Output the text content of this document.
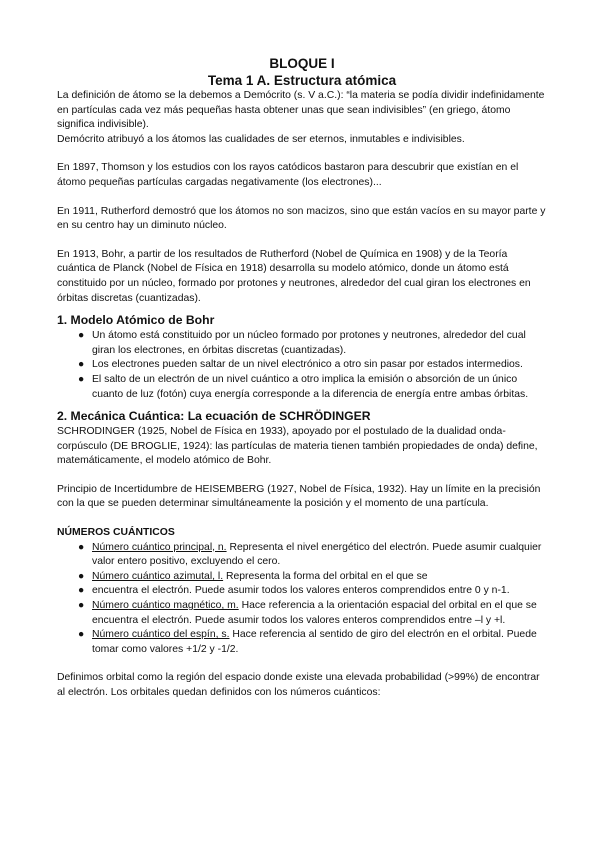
BLOQUE I
Tema 1 A. Estructura atómica

La definición de átomo se la debemos a Demócrito (s. V a.C.): “la materia se podía dividir indefinidamente en partículas cada vez más pequeñas hasta obtener unas que sean indivisibles” (en griego, átomo significa indivisible).

Demócrito atribuyó a los átomos las cualidades de ser eternos, inmutables e indivisibles.

En 1897, Thomson y los estudios con los rayos catódicos bastaron para descubrir que existían en el átomo pequeñas partículas cargadas negativamente (los electrones)...

En 1911, Rutherford demostró que los átomos no son macizos, sino que están vacíos en su mayor parte y en su centro hay un diminuto núcleo.

En 1913, Bohr, a partir de los resultados de Rutherford (Nobel de Química en 1908) y de la Teoría cuántica de Planck (Nobel de Física en 1918) desarrolla su modelo atómico, donde un átomo está constituido por un núcleo, formado por protones y neutrones, alrededor del cual giran los electrones en órbitas discretas (cuantizadas).

1. Modelo Atómico de Bohr
● Un átomo está constituido por un núcleo formado por protones y neutrones, alrededor del cual giran los electrones, en órbitas discretas (cuantizadas).
● Los electrones pueden saltar de un nivel electrónico a otro sin pasar por estados intermedios.
● El salto de un electrón de un nivel cuántico a otro implica la emisión o absorción de un único cuanto de luz (fotón) cuya energía corresponde a la diferencia de energía entre ambas órbitas.
2. Mecánica Cuántica: La ecuación de SCHRÖDINGER

SCHRODINGER (1925, Nobel de Física en 1933), apoyado por el postulado de la dualidad onda-corpúsculo (DE BROGLIE, 1924): las partículas de materia tienen también propiedades de onda) define, matemáticamente, el modelo atómico de Bohr.

Principio de Incertidumbre de HEISEMBERG (1927, Nobel de Física, 1932). Hay un límite en la precisión con la que se pueden determinar simultáneamente la posición y el momento de una partícula.

NÚMEROS CUÁNTICOS
● Número cuántico principal, n. Representa el nivel energético del electrón. Puede asumir cualquier valor entero positivo, excluyendo el cero.
● Número cuántico azimutal, l. Representa la forma del orbital en el que se
● encuentra el electrón. Puede asumir todos los valores enteros comprendidos entre 0 y n-1.
● Número cuántico magnético, m. Hace referencia a la orientación espacial del orbital en el que se encuentra el electrón. Puede asumir todos los valores enteros comprendidos entre –l y +l.
● Número cuántico del espín, s. Hace referencia al sentido de giro del electrón en el orbital. Puede tomar como valores +1/2 y -1/2.

Definimos orbital como la región del espacio donde existe una elevada probabilidad (>99%) de encontrar al electrón. Los orbitales quedan definidos con los números cuánticos:
